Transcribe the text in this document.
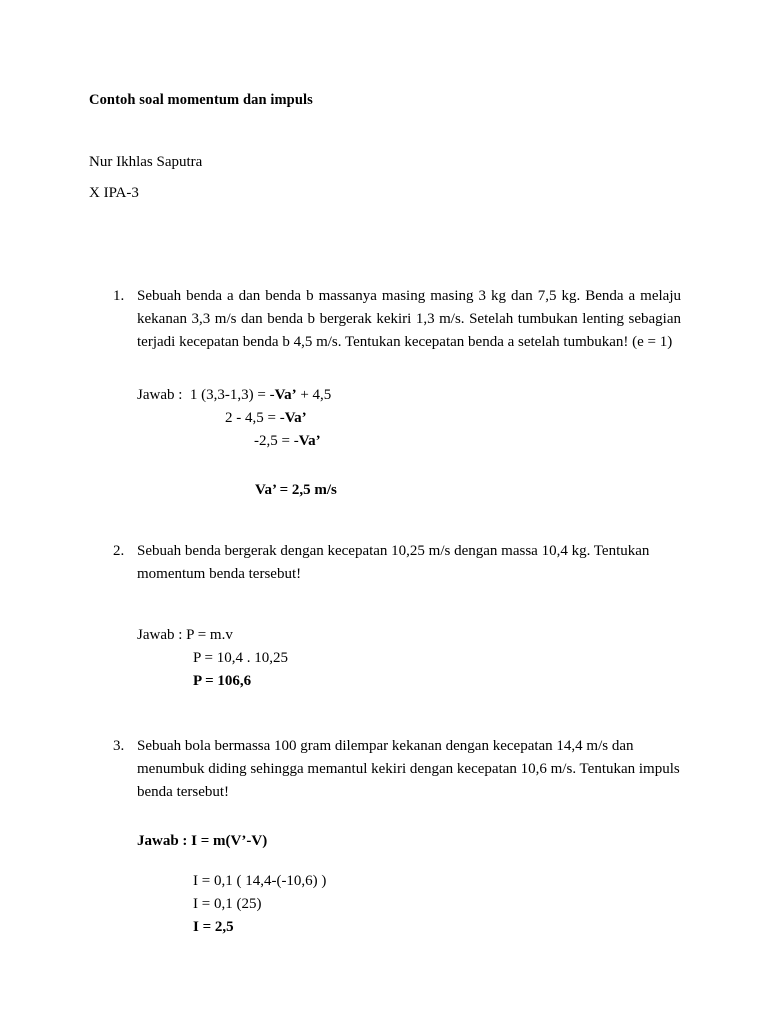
Contoh soal momentum dan impuls

Nur Ikhlas Saputra

X IPA-3

1. Sebuah benda a dan benda b massanya masing masing 3 kg dan 7,5 kg. Benda a melaju kekanan 3,3 m/s dan benda b bergerak kekiri 1,3 m/s. Setelah tumbukan lenting sebagian terjadi kecepatan benda b 4,5 m/s. Tentukan kecepatan benda a setelah tumbukan! (e = 1)

Jawab :  1 (3,3-1,3) = -Va’ + 4,5
2 - 4,5 = -Va’
-2,5 = -Va’
Va’ = 2,5 m/s
2. Sebuah benda bergerak dengan kecepatan 10,25 m/s dengan massa 10,4 kg. Tentukan momentum benda tersebut!

Jawab : P = m.v
P = 10,4 . 10,25
P = 106,6
3. Sebuah bola bermassa 100 gram dilempar kekanan dengan kecepatan 14,4 m/s dan menumbuk diding sehingga memantul kekiri dengan kecepatan 10,6 m/s. Tentukan impuls benda tersebut!

Jawab : I = m(V’-V)
I = 0,1 ( 14,4-(-10,6) )
I = 0,1 (25)
I = 2,5
